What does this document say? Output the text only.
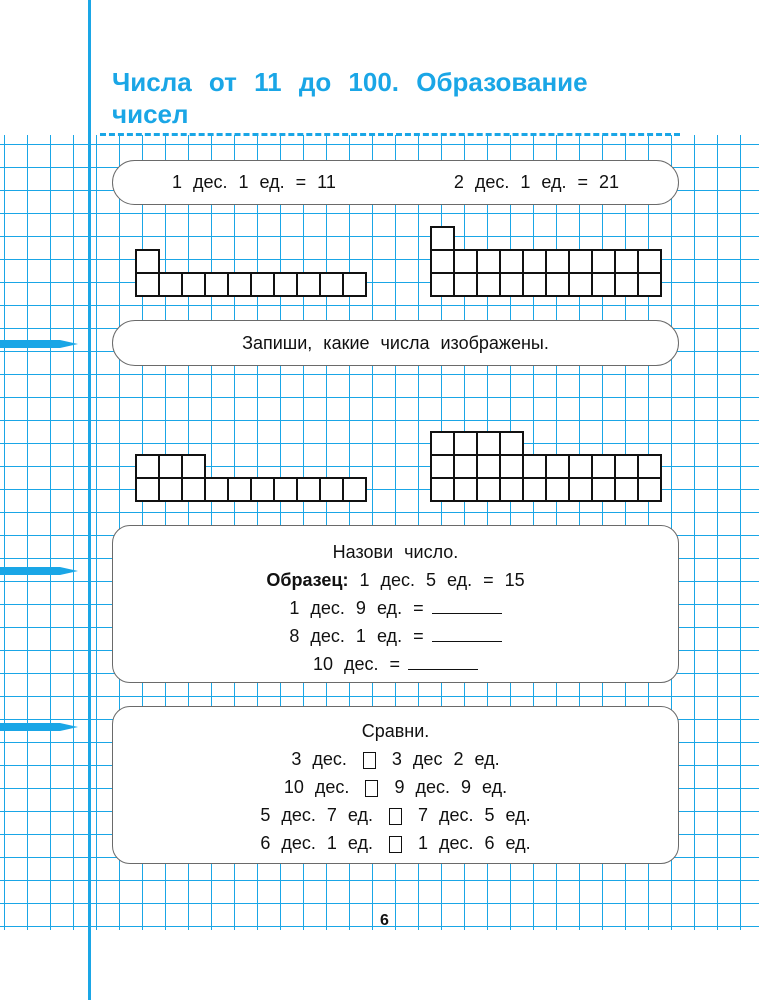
Числа от 11 до 100. Образование чисел
1 дес. 1 ед. = 11	2 дес. 1 ед. = 21
Запиши, какие числа изображены.
Назови число.
Образец: 1 дес. 5 ед. = 15
1 дес. 9 ед. =
8 дес. 1 ед. =
10 дес. =
Сравни.
3 дес.	3 дес 2 ед.
10 дес.	9 дес. 9 ед.
5 дес. 7 ед.	7 дес. 5 ед.
6 дес. 1 ед.	1 дес. 6 ед.
6
